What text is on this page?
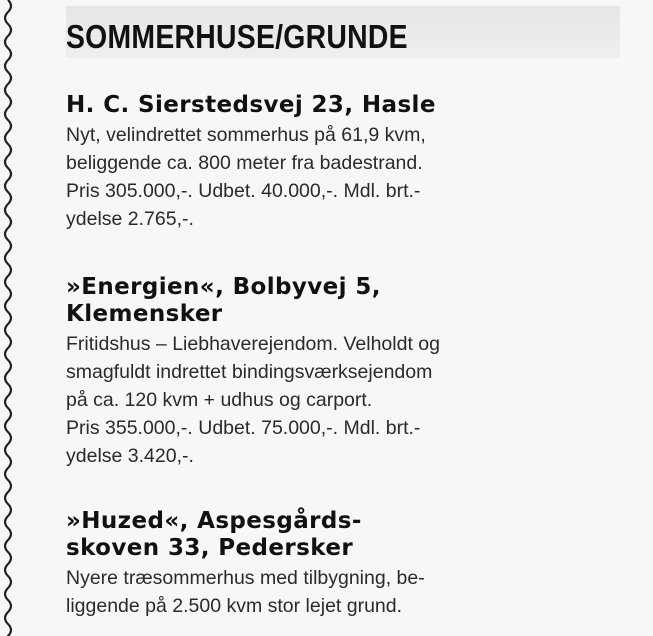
SOMMERHUSE/GRUNDE
H. C. Sierstedsvej 23, Hasle

Nyt, velindrettet sommerhus på 61,9 kvm,
beliggende ca. 800 meter fra badestrand.
Pris 305.000,-. Udbet. 40.000,-. Mdl. brt.-
ydelse 2.765,-.

»Energien«, Bolbyvej 5,
Klemensker

Fritidshus – Liebhaverejendom. Velholdt og
smagfuldt indrettet bindingsværksejendom
på ca. 120 kvm + udhus og carport.
Pris 355.000,-. Udbet. 75.000,-. Mdl. brt.-
ydelse 3.420,-.

»Huzed«, Aspesgårds-
skoven 33, Pedersker

Nyere træsommerhus med tilbygning, be-
liggende på 2.500 kvm stor lejet grund.
